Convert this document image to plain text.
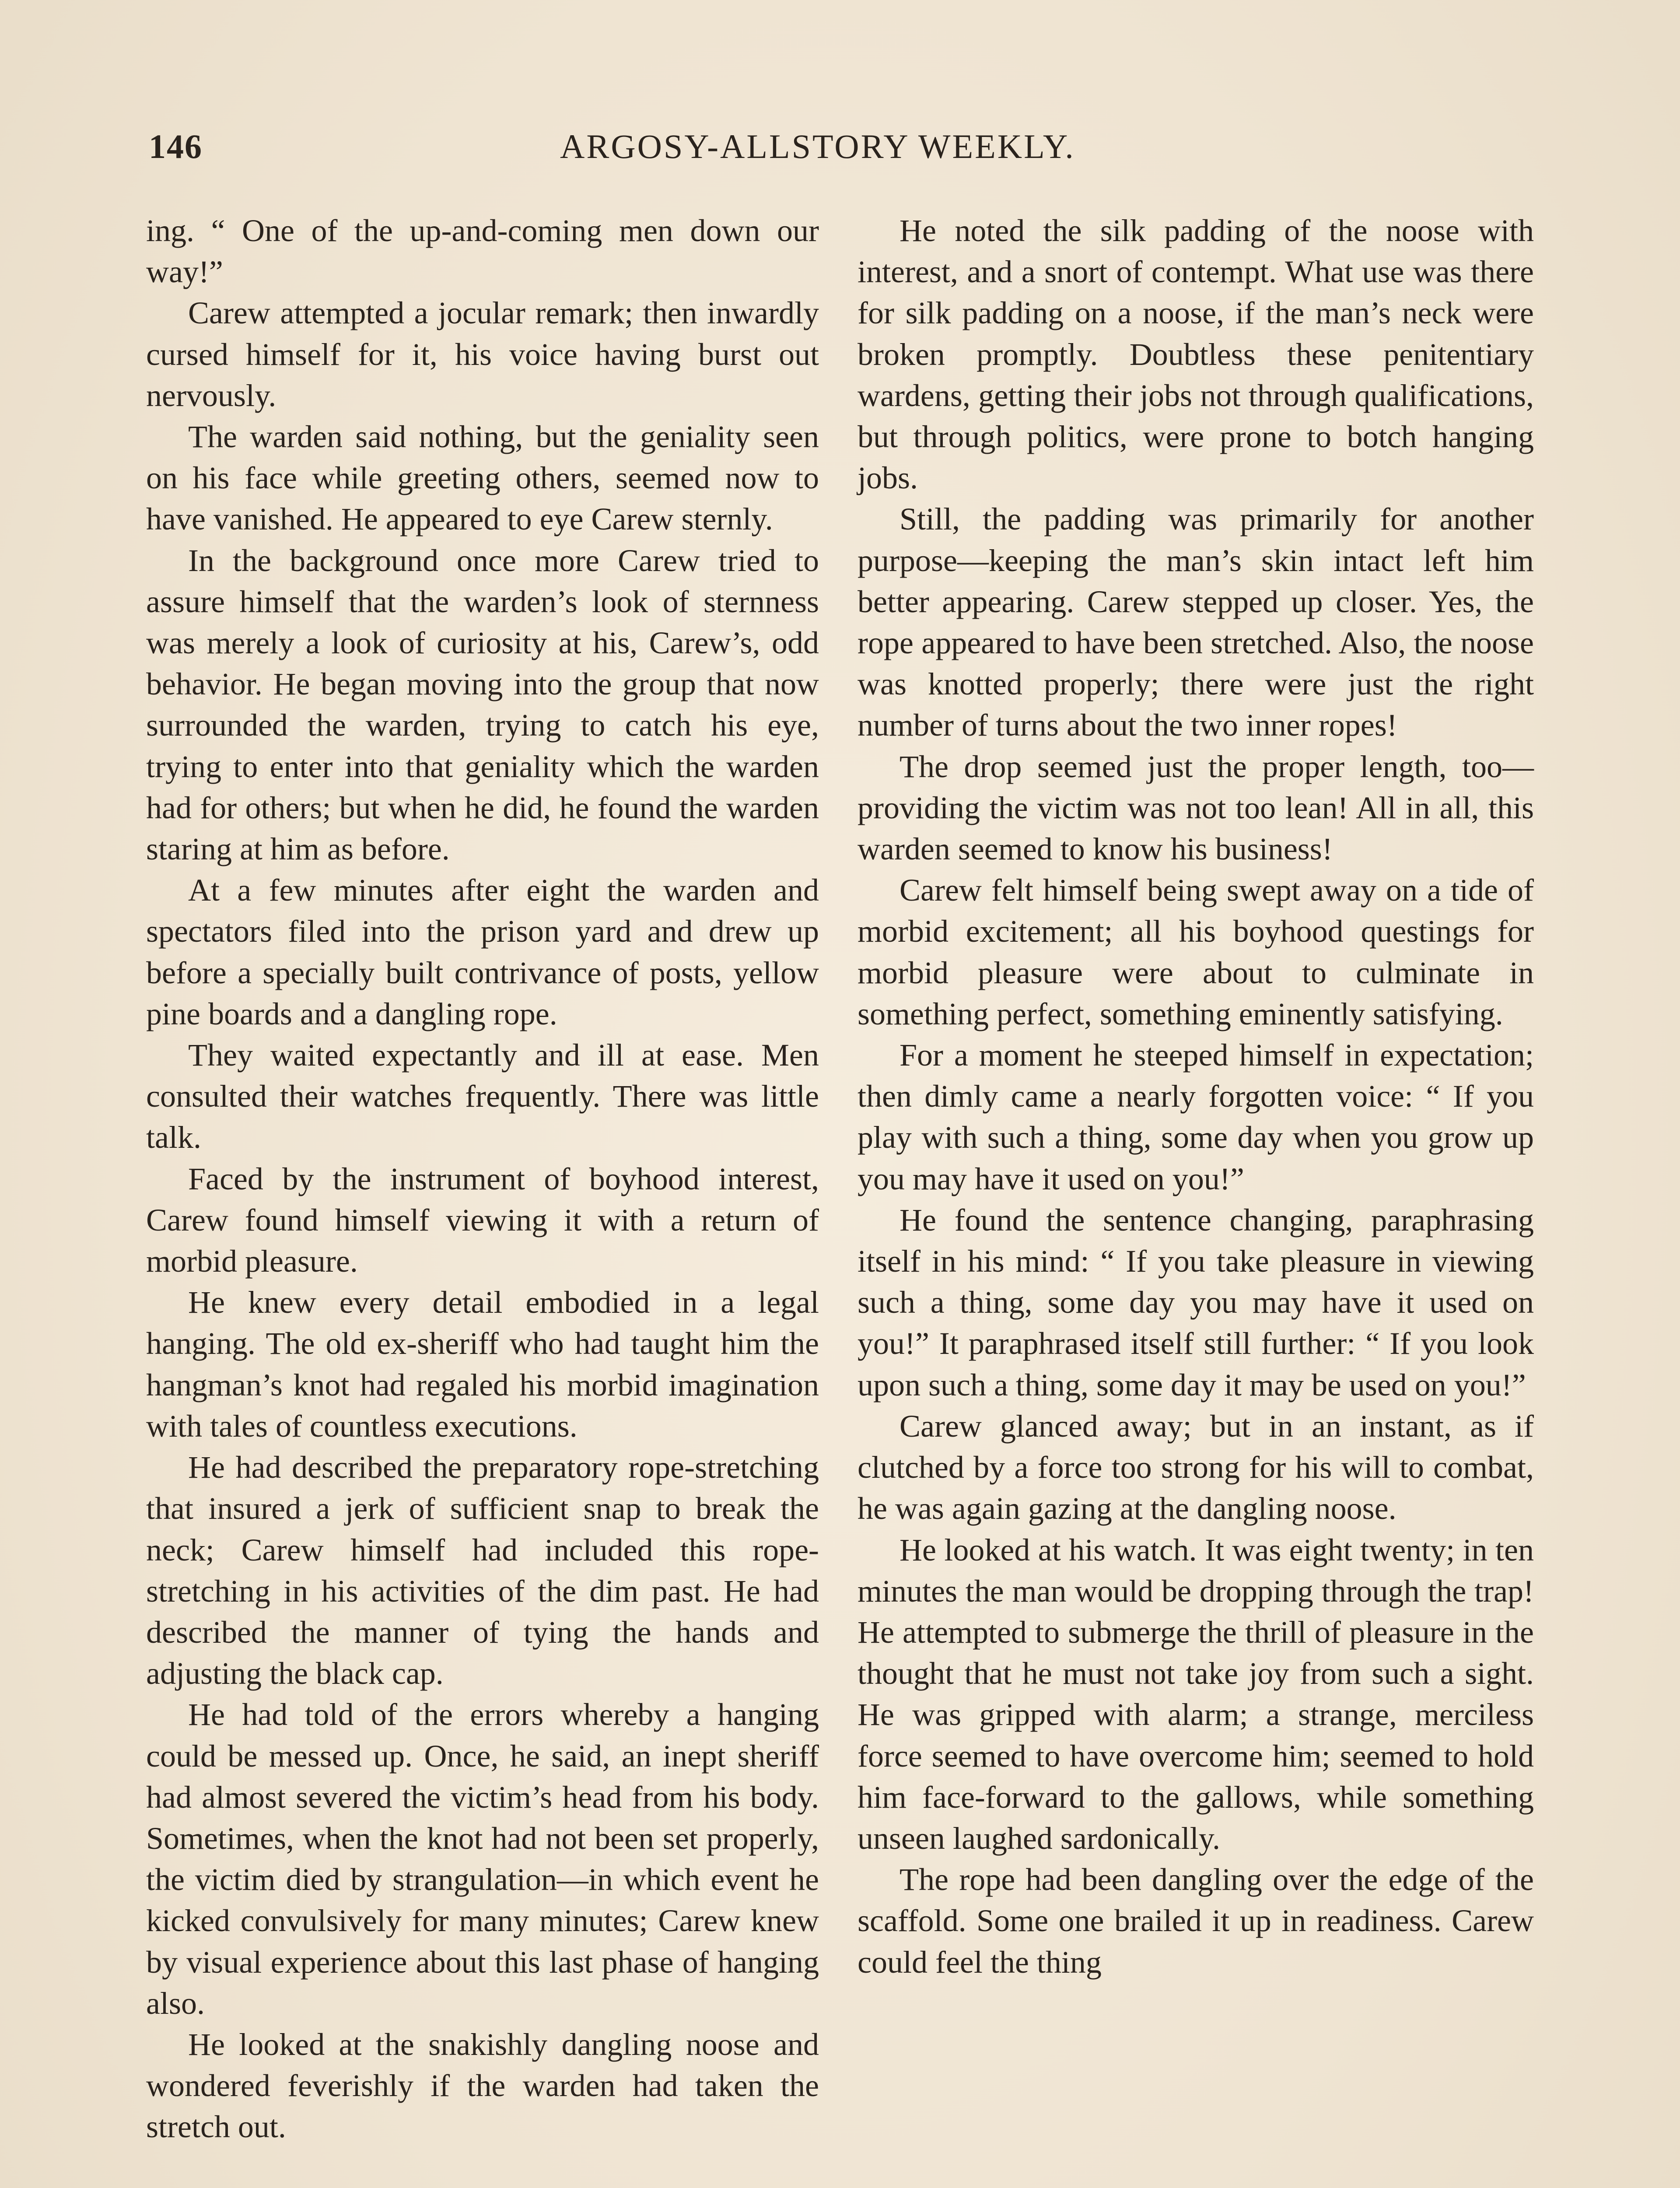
146	ARGOSY-ALLSTORY WEEKLY.

ing. “ One of the up-and-coming men down our way!”

Carew attempted a jocular remark; then inwardly cursed himself for it, his voice having burst out nervously.

The warden said nothing, but the geniality seen on his face while greeting others, seemed now to have vanished. He appeared to eye Carew sternly.

In the background once more Carew tried to assure himself that the warden’s look of sternness was merely a look of curiosity at his, Carew’s, odd behavior. He began moving into the group that now surrounded the warden, trying to catch his eye, trying to enter into that geniality which the warden had for others; but when he did, he found the warden staring at him as before.

At a few minutes after eight the warden and spectators filed into the prison yard and drew up before a specially built contrivance of posts, yellow pine boards and a dangling rope.

They waited expectantly and ill at ease. Men consulted their watches frequently. There was little talk.

Faced by the instrument of boyhood interest, Carew found himself viewing it with a return of morbid pleasure.

He knew every detail embodied in a legal hanging. The old ex-sheriff who had taught him the hangman’s knot had regaled his morbid imagination with tales of countless executions.

He had described the preparatory rope-stretching that insured a jerk of sufficient snap to break the neck; Carew himself had included this rope-stretching in his activities of the dim past. He had described the manner of tying the hands and adjusting the black cap.

He had told of the errors whereby a hanging could be messed up. Once, he said, an inept sheriff had almost severed the victim’s head from his body. Sometimes, when the knot had not been set properly, the victim died by strangulation—in which event he kicked convulsively for many minutes; Carew knew by visual experience about this last phase of hanging also.

He looked at the snakishly dangling noose and wondered feverishly if the warden had taken the stretch out.

He noted the silk padding of the noose with interest, and a snort of contempt. What use was there for silk padding on a noose, if the man’s neck were broken promptly. Doubtless these penitentiary wardens, getting their jobs not through qualifications, but through politics, were prone to botch hanging jobs.

Still, the padding was primarily for another purpose—keeping the man’s skin intact left him better appearing. Carew stepped up closer. Yes, the rope appeared to have been stretched. Also, the noose was knotted properly; there were just the right number of turns about the two inner ropes!

The drop seemed just the proper length, too—providing the victim was not too lean! All in all, this warden seemed to know his business!

Carew felt himself being swept away on a tide of morbid excitement; all his boyhood questings for morbid pleasure were about to culminate in something perfect, something eminently satisfying.

For a moment he steeped himself in expectation; then dimly came a nearly forgotten voice: “ If you play with such a thing, some day when you grow up you may have it used on you!”

He found the sentence changing, paraphrasing itself in his mind: “ If you take pleasure in viewing such a thing, some day you may have it used on you!” It paraphrased itself still further: “ If you look upon such a thing, some day it may be used on you!”

Carew glanced away; but in an instant, as if clutched by a force too strong for his will to combat, he was again gazing at the dangling noose.

He looked at his watch. It was eight twenty; in ten minutes the man would be dropping through the trap! He attempted to submerge the thrill of pleasure in the thought that he must not take joy from such a sight. He was gripped with alarm; a strange, merciless force seemed to have overcome him; seemed to hold him face-forward to the gallows, while something unseen laughed sardonically.

The rope had been dangling over the edge of the scaffold. Some one brailed it up in readiness. Carew could feel the thing
